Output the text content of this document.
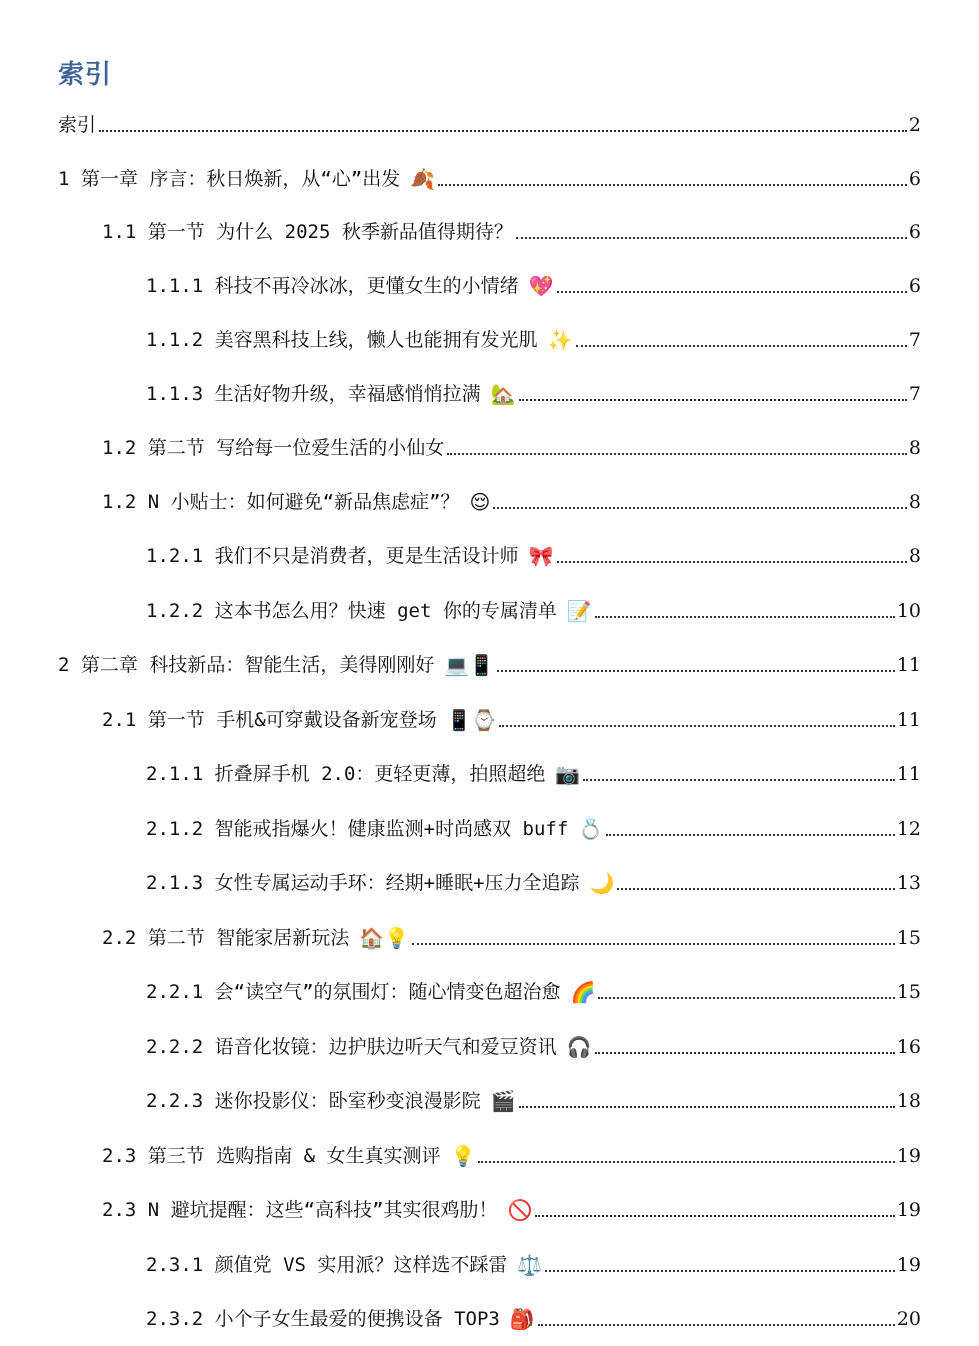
索引
索引	2
1 第一章 序言：秋日焕新，从“心”出发 🍂	6
1.1 第一节 为什么 2025 秋季新品值得期待？	6
1.1.1 科技不再冷冰冰，更懂女生的小情绪 💖	6
1.1.2 美容黑科技上线，懒人也能拥有发光肌 ✨	7
1.1.3 生活好物升级，幸福感悄悄拉满 🏡	7
1.2 第二节 写给每一位爱生活的小仙女	8
1.2 N 小贴士：如何避免“新品焦虑症”？ 😌	8
1.2.1 我们不只是消费者，更是生活设计师 🎀	8
1.2.2 这本书怎么用？快速 get 你的专属清单 📝	10
2 第二章 科技新品：智能生活，美得刚刚好 💻📱	11
2.1 第一节 手机&可穿戴设备新宠登场 📱⌚	11
2.1.1 折叠屏手机 2.0：更轻更薄，拍照超绝 📷	11
2.1.2 智能戒指爆火！健康监测+时尚感双 buff 💍	12
2.1.3 女性专属运动手环：经期+睡眠+压力全追踪 🌙	13
2.2 第二节 智能家居新玩法 🏠💡	15
2.2.1 会“读空气”的氛围灯：随心情变色超治愈 🌈	15
2.2.2 语音化妆镜：边护肤边听天气和爱豆资讯 🎧	16
2.2.3 迷你投影仪：卧室秒变浪漫影院 🎬	18
2.3 第三节 选购指南 & 女生真实测评 💡	19
2.3 N 避坑提醒：这些“高科技”其实很鸡肋！ 🚫	19
2.3.1 颜值党 VS 实用派？这样选不踩雷 ⚖️	19
2.3.2 小个子女生最爱的便携设备 TOP3 🎒	20
